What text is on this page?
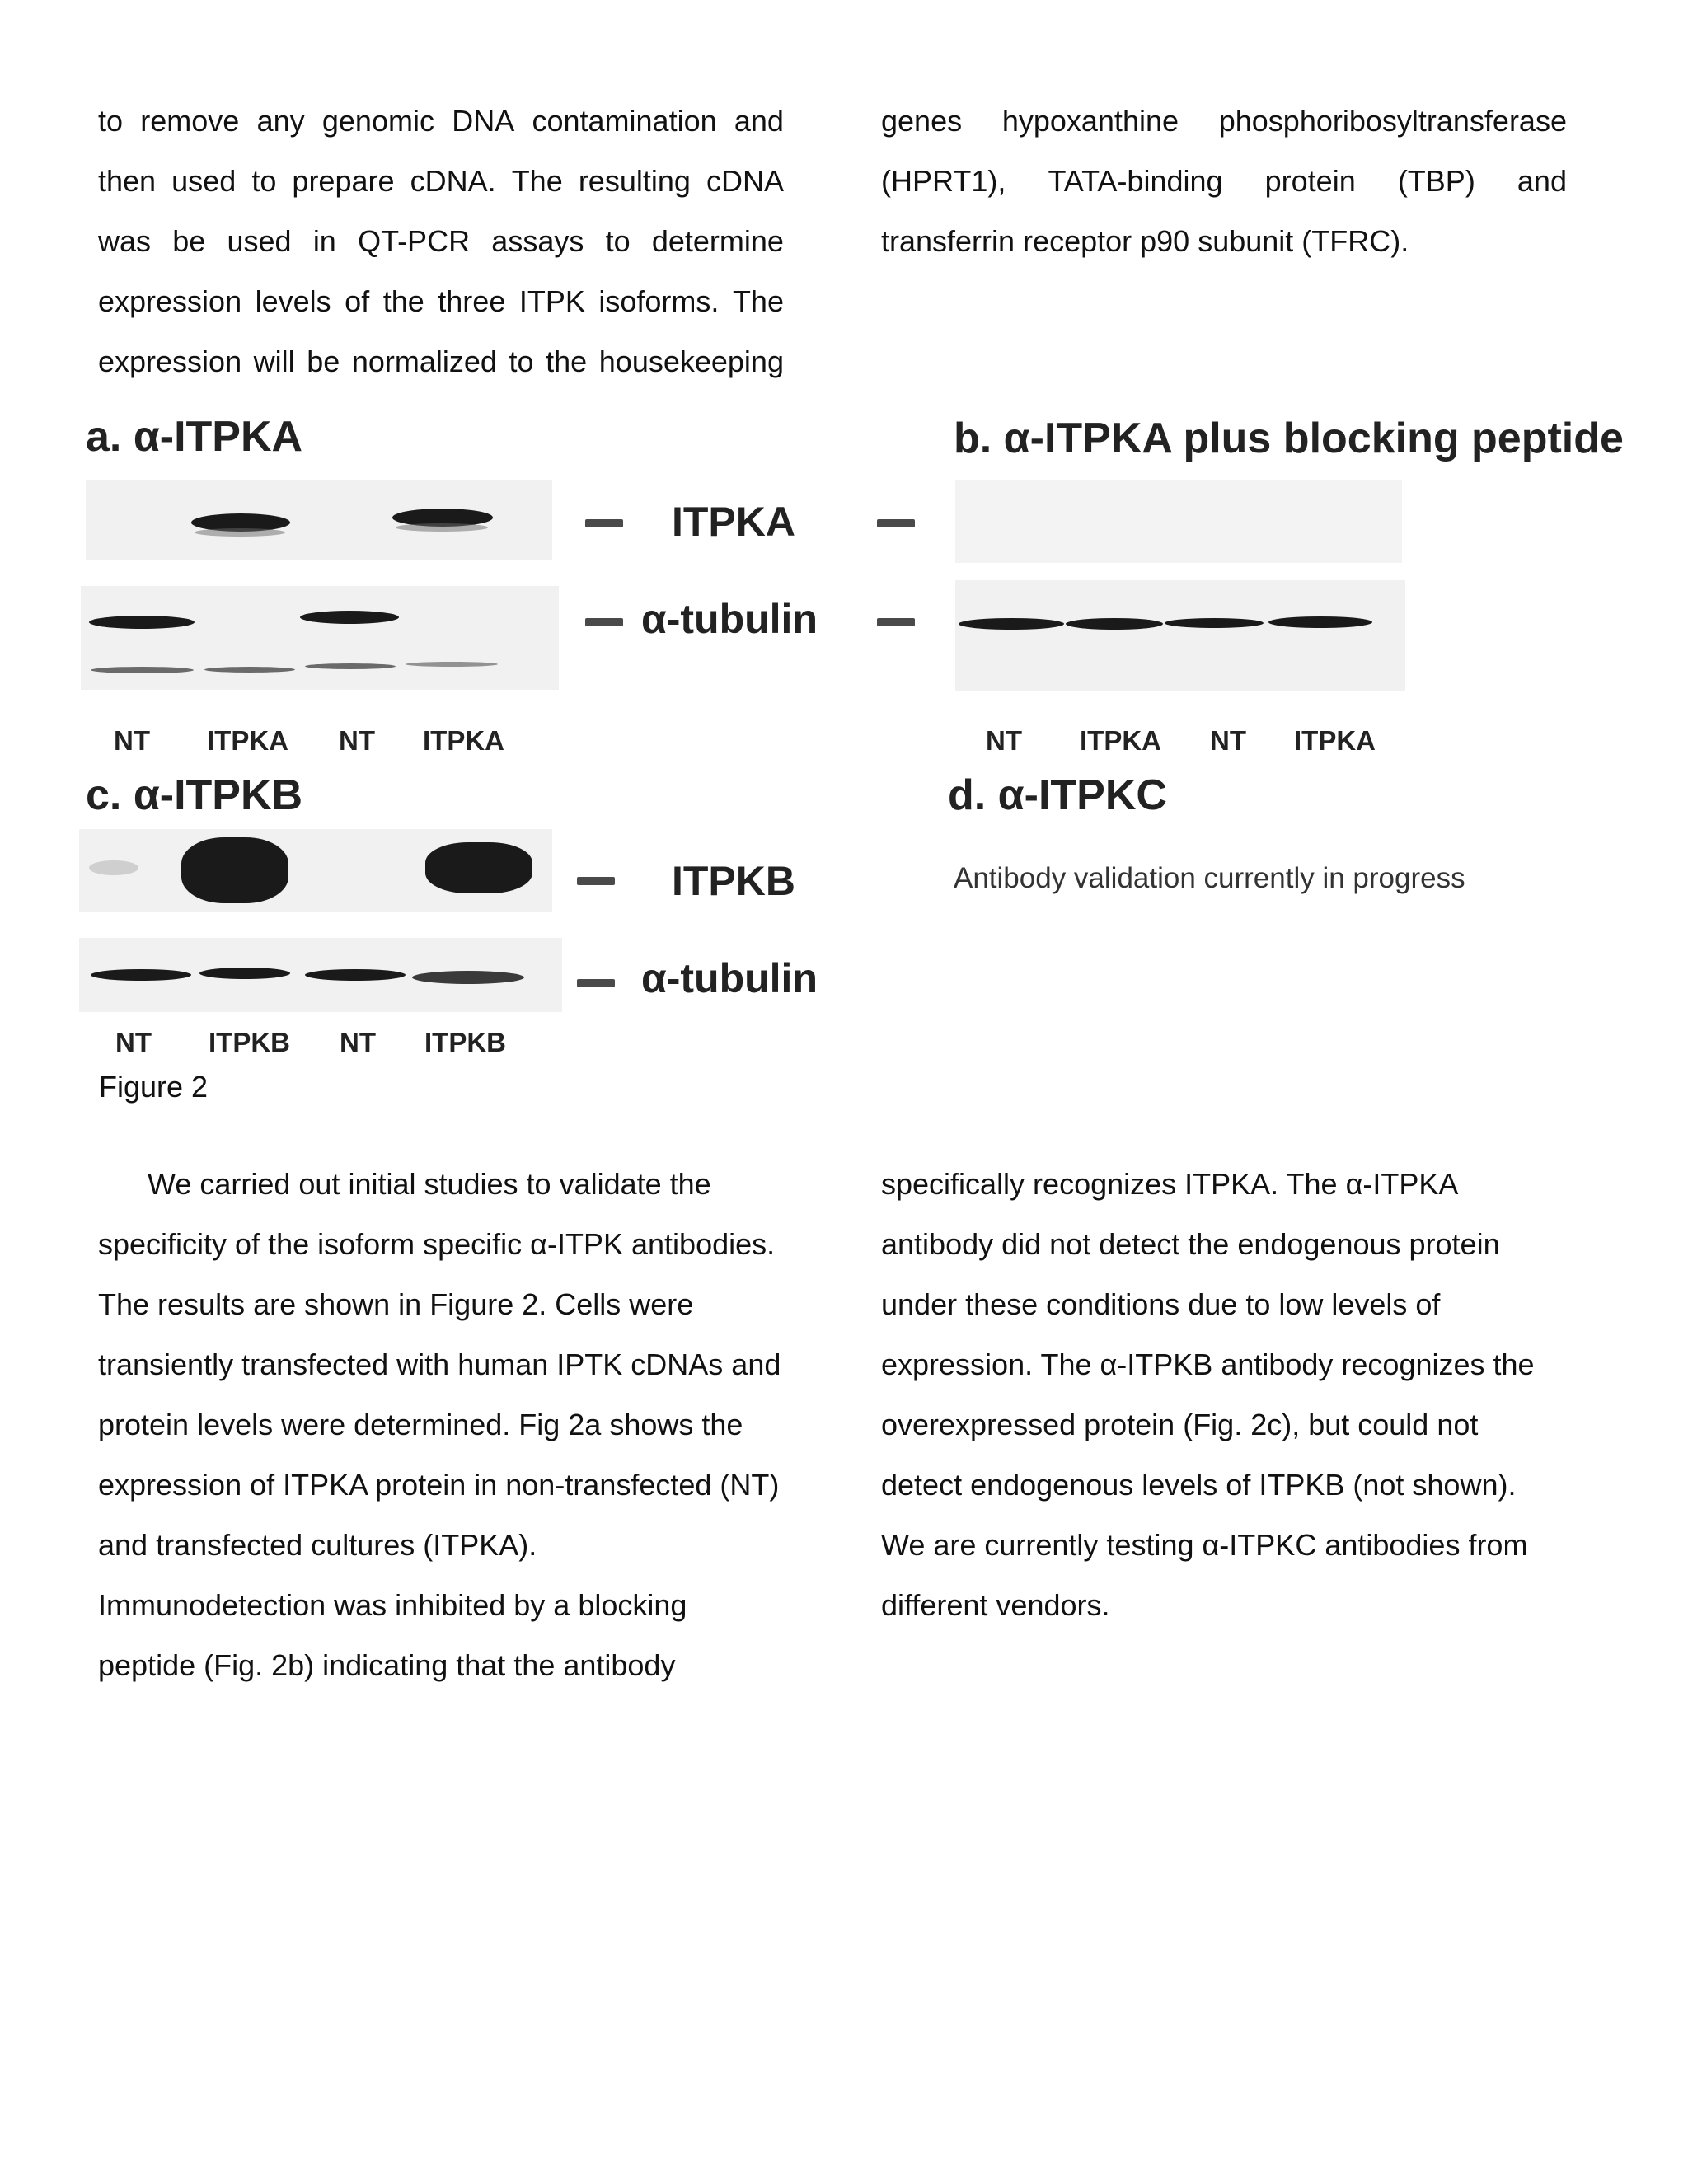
to remove any genomic DNA contamination and
then used to prepare cDNA. The resulting cDNA
was be used in QT-PCR assays to determine
expression levels of the three ITPK isoforms. The
expression will be normalized to the housekeeping
genes hypoxanthine phosphoribosyltransferase
(HPRT1), TATA-binding protein (TBP) and
transferrin receptor p90 subunit (TFRC).
a. α-ITPKA
ITPKA
α-tubulin
NT ITPKA NT ITPKA
b. α-ITPKA plus blocking peptide
NT ITPKA NT ITPKA
c. α-ITPKB
ITPKB
α-tubulin
NT ITPKB NT ITPKB
d. α-ITPKC
Antibody validation currently in progress
Figure 2
We carried out initial studies to validate the
specificity of the isoform specific α-ITPK antibodies.
The results are shown in Figure 2. Cells were
transiently transfected with human IPTK cDNAs and
protein levels were determined. Fig 2a shows the
expression of ITPKA protein in non-transfected (NT)
and transfected cultures (ITPKA).
Immunodetection was inhibited by a blocking
peptide (Fig. 2b) indicating that the antibody
specifically recognizes ITPKA. The α-ITPKA
antibody did not detect the endogenous protein
under these conditions due to low levels of
expression. The α-ITPKB antibody recognizes the
overexpressed protein (Fig. 2c), but could not
detect endogenous levels of ITPKB (not shown).
We are currently testing α-ITPKC antibodies from
different vendors.
